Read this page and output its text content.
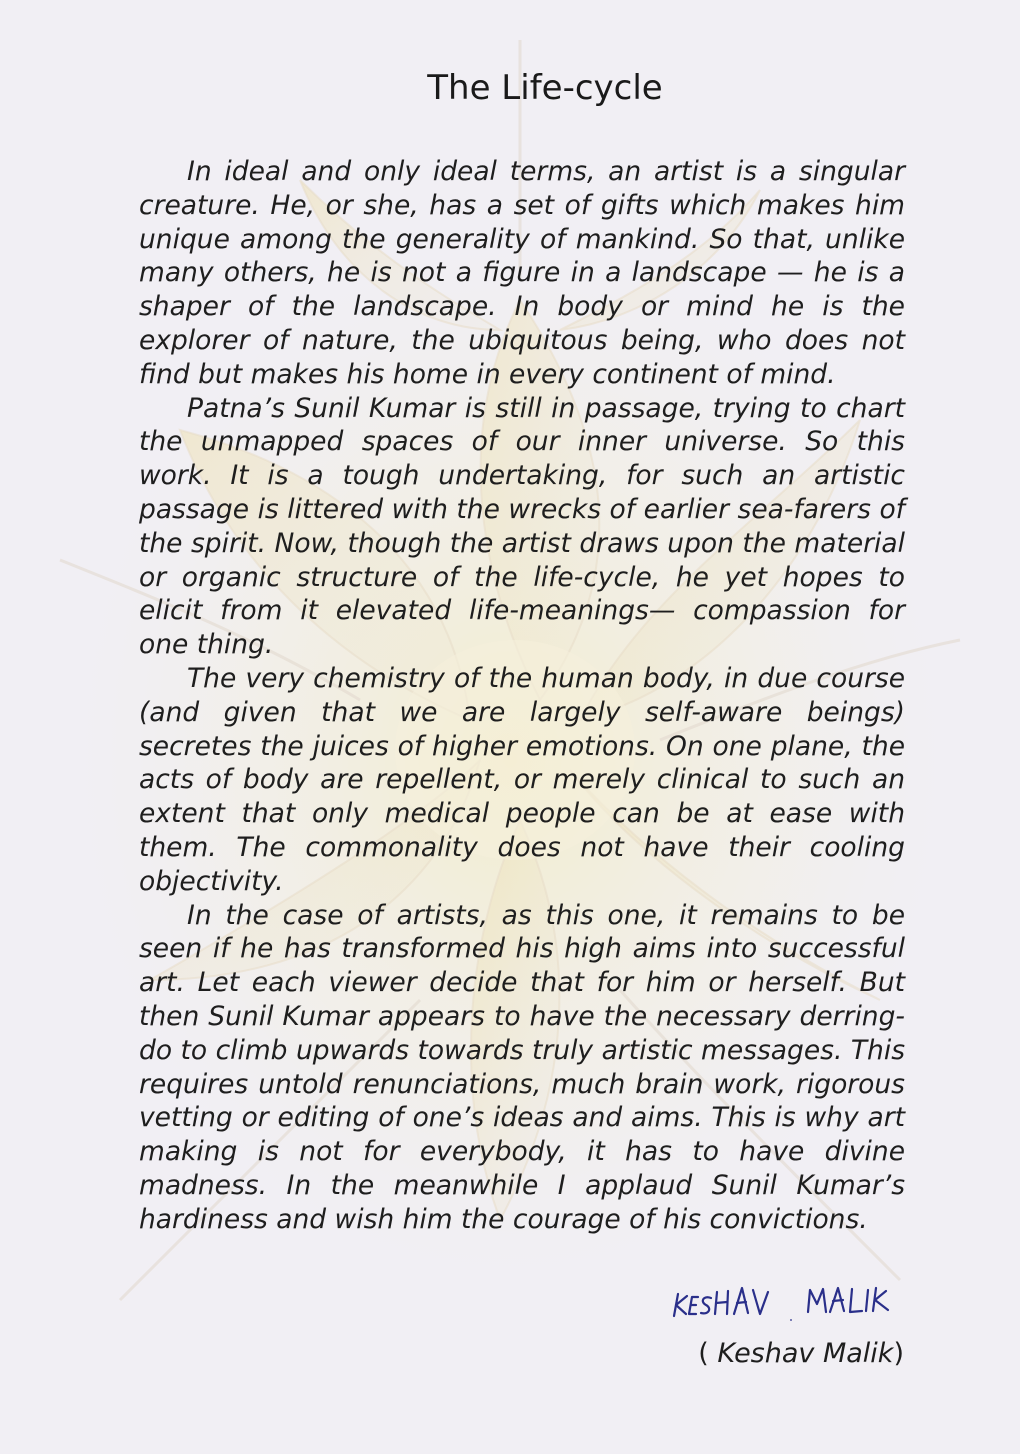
The Life-cycle

In ideal and only ideal terms, an artist is a singular creature. He, or she, has a set of gifts which makes him unique among the generality of mankind. So that, unlike many others, he is not a figure in a landscape — he is a shaper of the landscape. In body or mind he is the explorer of nature, the ubiquitous being, who does not find but makes his home in every continent of mind.

Patna’s Sunil Kumar is still in passage, trying to chart the unmapped spaces of our inner universe. So this work. It is a tough undertaking, for such an artistic passage is littered with the wrecks of earlier sea-farers of the spirit. Now, though the artist draws upon the material or organic structure of the life-cycle, he yet hopes to elicit from it elevated life-meanings— compassion for one thing.

The very chemistry of the human body, in due course (and given that we are largely self-aware beings) secretes the juices of higher emotions. On one plane, the acts of body are repellent, or merely clinical to such an extent that only medical people can be at ease with them. The commonality does not have their cooling objectivity.

In the case of artists, as this one, it remains to be seen if he has transformed his high aims into successful art. Let each viewer decide that for him or herself. But then Sunil Kumar appears to have the necessary derring-do to climb upwards towards truly artistic messages. This requires untold renunciations, much brain work, rigorous vetting or editing of one’s ideas and aims. This is why art making is not for everybody, it has to have divine madness. In the meanwhile I applaud Sunil Kumar’s hardiness and wish him the courage of his convictions.

( Keshav Malik)
